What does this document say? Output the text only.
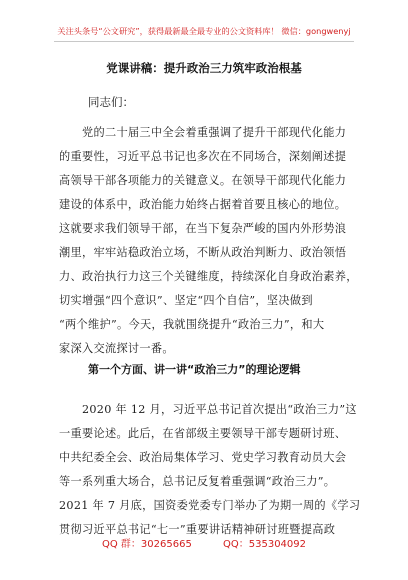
关注头条号“公文研究”，获得最新最全最专业的公文资料库！ 微信：gongwenyj
党课讲稿：提升政治三力筑牢政治根基
同志们：
　　党的二十届三中全会着重强调了提升干部现代化能力
的重要性，习近平总书记也多次在不同场合，深刻阐述提
高领导干部各项能力的关键意义。在领导干部现代化能力
建设的体系中，政治能力始终占据着首要且核心的地位。
这就要求我们领导干部，在当下复杂严峻的国内外形势浪
潮里，牢牢站稳政治立场，不断从政治判断力、政治领悟
力、政治执行力这三个关键维度，持续深化自身政治素养，
切实增强“四个意识”、坚定“四个自信”，坚决做到
“两个维护”。今天，我就围绕提升“政治三力”，和大
家深入交流探讨一番。
第一个方面、讲一讲“政治三力”的理论逻辑
　　2020 年 12 月，习近平总书记首次提出“政治三力”这
一重要论述。此后，在省部级主要领导干部专题研讨班、
中共纪委全会、政治局集体学习、党史学习教育动员大会
等一系列重大场合，总书记反复着重强调“政治三力”。
2021 年 7 月底，国资委党委专门举办了为期一周的《学习
贯彻习近平总书记“七一”重要讲话精神研讨班暨提高政
QQ 群：30265665	QQ：535304092
